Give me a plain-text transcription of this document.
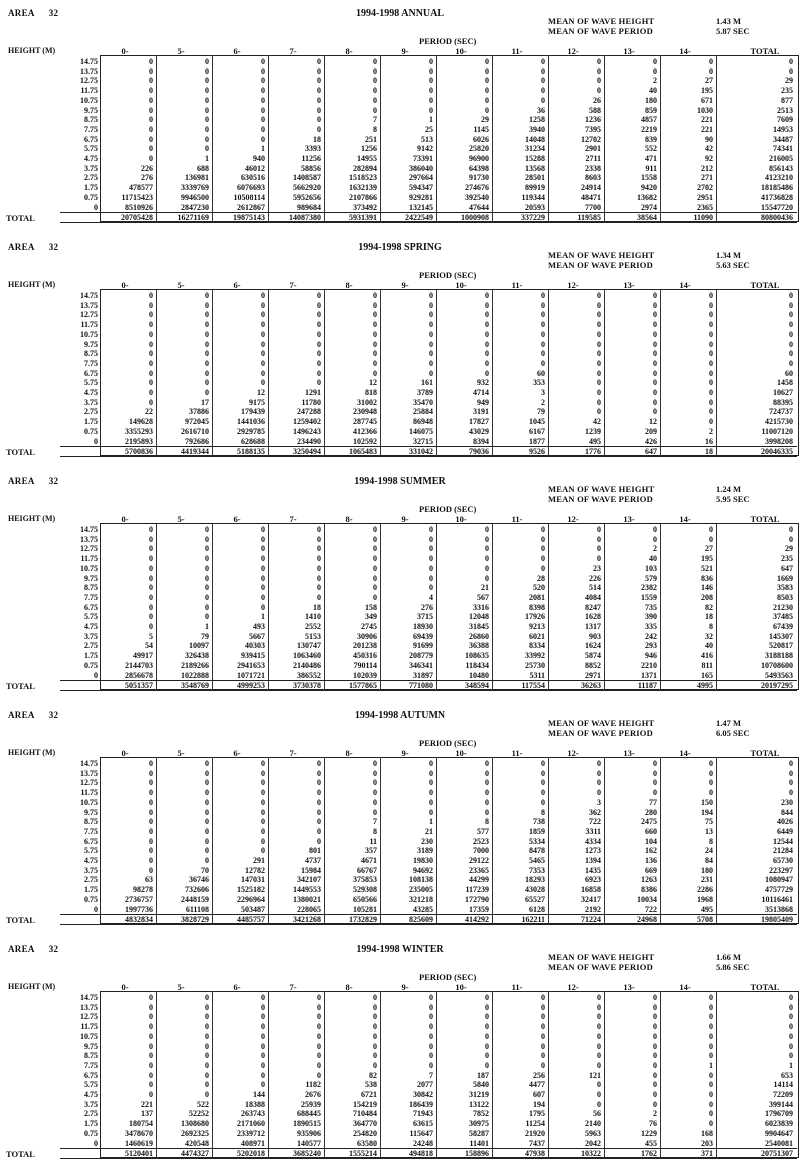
AREA 32	1994-1998 ANNUAL
MEAN OF WAVE HEIGHT
MEAN OF WAVE PERIOD
1.43 M
5.87 SEC
PERIOD (SEC)
HEIGHT (M)	0-	5-	6-	7-	8-	9-	10-	11-	12-	13-	14-	TOTAL
14.75	0	0	0	0	0	0	0	0	0	0	0	0
13.75	0	0	0	0	0	0	0	0	0	0	0	0
12.75	0	0	0	0	0	0	0	0	0	2	27	29
11.75	0	0	0	0	0	0	0	0	0	40	195	235
10.75	0	0	0	0	0	0	0	0	26	180	671	877
9.75	0	0	0	0	0	0	0	36	588	859	1030	2513
8.75	0	0	0	0	7	1	29	1258	1236	4857	221	7609
7.75	0	0	0	0	8	25	1145	3940	7395	2219	221	14953
6.75	0	0	0	18	251	513	6026	14048	12702	839	90	34487
5.75	0	0	1	3393	1256	9142	25820	31234	2901	552	42	74341
4.75	0	1	940	11256	14955	73391	96900	15288	2711	471	92	216005
3.75	226	688	46012	58856	282894	386040	64398	13568	2338	911	212	856143
2.75	276	136981	630516	1408587	1518523	297664	91730	28501	8603	1558	271	4123210
1.75	478577	3339769	6076693	5662920	1632139	594347	274676	89919	24914	9420	2702	18185486
0.75	11715423	9946500	10508114	5952656	2107866	929281	392540	119344	48471	13682	2951	41736828
0	8510926	2847230	2612867	989684	373492	132145	47644	20593	7700	2974	2365	15547720
TOTAL	20705428	16271169	19875143	14087380	5931391	2422549	1000908	337229	119585	38564	11090	80800436
AREA 32	1994-1998 SPRING
MEAN OF WAVE HEIGHT
MEAN OF WAVE PERIOD
1.34 M
5.63 SEC
PERIOD (SEC)
HEIGHT (M)	0-	5-	6-	7-	8-	9-	10-	11-	12-	13-	14-	TOTAL
14.75	0	0	0	0	0	0	0	0	0	0	0	0
13.75	0	0	0	0	0	0	0	0	0	0	0	0
12.75	0	0	0	0	0	0	0	0	0	0	0	0
11.75	0	0	0	0	0	0	0	0	0	0	0	0
10.75	0	0	0	0	0	0	0	0	0	0	0	0
9.75	0	0	0	0	0	0	0	0	0	0	0	0
8.75	0	0	0	0	0	0	0	0	0	0	0	0
7.75	0	0	0	0	0	0	0	0	0	0	0	0
6.75	0	0	0	0	0	0	0	60	0	0	0	60
5.75	0	0	0	0	12	161	932	353	0	0	0	1458
4.75	0	0	12	1291	818	3789	4714	3	0	0	0	10627
3.75	0	17	9175	11780	31002	35470	949	2	0	0	0	88395
2.75	22	37886	179439	247288	230948	25884	3191	79	0	0	0	724737
1.75	149628	972045	1441036	1259402	287745	86948	17827	1045	42	12	0	4215730
0.75	3355293	2616710	2929785	1496243	412366	146075	43029	6167	1239	209	2	11007120
0	2195893	792686	628688	234490	102592	32715	8394	1877	495	426	16	3998208
TOTAL	5700836	4419344	5188135	3250494	1065483	331042	79036	9526	1776	647	18	20046335
AREA 32	1994-1998 SUMMER
MEAN OF WAVE HEIGHT
MEAN OF WAVE PERIOD
1.24 M
5.95 SEC
PERIOD (SEC)
HEIGHT (M)	0-	5-	6-	7-	8-	9-	10-	11-	12-	13-	14-	TOTAL
14.75	0	0	0	0	0	0	0	0	0	0	0	0
13.75	0	0	0	0	0	0	0	0	0	0	0	0
12.75	0	0	0	0	0	0	0	0	0	2	27	29
11.75	0	0	0	0	0	0	0	0	0	40	195	235
10.75	0	0	0	0	0	0	0	0	23	103	521	647
9.75	0	0	0	0	0	0	0	28	226	579	836	1669
8.75	0	0	0	0	0	0	21	520	514	2382	146	3583
7.75	0	0	0	0	0	4	567	2081	4084	1559	208	8503
6.75	0	0	0	18	158	276	3316	8398	8247	735	82	21230
5.75	0	0	1	1410	349	3715	12048	17926	1628	390	18	37485
4.75	0	1	493	2552	2745	18930	31845	9213	1317	335	8	67439
3.75	5	79	5667	5153	30906	69439	26860	6021	903	242	32	145307
2.75	54	10097	40303	130747	201238	91699	36388	8334	1624	293	40	520817
1.75	49917	326438	939415	1063460	450316	208779	108635	33992	5874	946	416	3188188
0.75	2144703	2189266	2941653	2140486	790114	346341	118434	25730	8852	2210	811	10708600
0	2856678	1022888	1071721	386552	102039	31897	10480	5311	2971	1371	165	5493563
TOTAL	5051357	3548769	4999253	3730378	1577865	771080	348594	117554	36263	11187	4995	20197295
AREA 32	1994-1998 AUTUMN
MEAN OF WAVE HEIGHT
MEAN OF WAVE PERIOD
1.47 M
6.05 SEC
PERIOD (SEC)
HEIGHT (M)	0-	5-	6-	7-	8-	9-	10-	11-	12-	13-	14-	TOTAL
14.75	0	0	0	0	0	0	0	0	0	0	0	0
13.75	0	0	0	0	0	0	0	0	0	0	0	0
12.75	0	0	0	0	0	0	0	0	0	0	0	0
11.75	0	0	0	0	0	0	0	0	0	0	0	0
10.75	0	0	0	0	0	0	0	0	3	77	150	230
9.75	0	0	0	0	0	0	0	8	362	280	194	844
8.75	0	0	0	0	7	1	8	738	722	2475	75	4026
7.75	0	0	0	0	8	21	577	1859	3311	660	13	6449
6.75	0	0	0	0	11	230	2523	5334	4334	104	8	12544
5.75	0	0	0	801	357	3189	7000	8478	1273	162	24	21284
4.75	0	0	291	4737	4671	19830	29122	5465	1394	136	84	65730
3.75	0	70	12782	15984	66767	94692	23365	7353	1435	669	180	223297
2.75	63	36746	147031	342107	375853	108138	44299	18293	6923	1263	231	1080947
1.75	98278	732606	1525182	1449553	529308	235005	117239	43028	16858	8386	2286	4757729
0.75	2736757	2448159	2296964	1380021	650566	321218	172790	65527	32417	10034	1968	10116461
0	1997736	611108	503487	228065	105281	43285	17359	6128	2192	722	495	3513868
TOTAL	4832834	3828729	4485757	3421268	1732829	825609	414292	162211	71224	24968	5708	19805409
AREA 32	1994-1998 WINTER
MEAN OF WAVE HEIGHT
MEAN OF WAVE PERIOD
1.66 M
5.86 SEC
PERIOD (SEC)
HEIGHT (M)	0-	5-	6-	7-	8-	9-	10-	11-	12-	13-	14-	TOTAL
14.75	0	0	0	0	0	0	0	0	0	0	0	0
13.75	0	0	0	0	0	0	0	0	0	0	0	0
12.75	0	0	0	0	0	0	0	0	0	0	0	0
11.75	0	0	0	0	0	0	0	0	0	0	0	0
10.75	0	0	0	0	0	0	0	0	0	0	0	0
9.75	0	0	0	0	0	0	0	0	0	0	0	0
8.75	0	0	0	0	0	0	0	0	0	0	0	0
7.75	0	0	0	0	0	0	0	0	0	0	1	1
6.75	0	0	0	0	82	7	187	256	121	0	0	653
5.75	0	0	0	1182	538	2077	5840	4477	0	0	0	14114
4.75	0	0	144	2676	6721	30842	31219	607	0	0	0	72209
3.75	221	522	18388	25939	154219	186439	13122	194	0	0	0	399144
2.75	137	52252	263743	688445	710484	71943	7852	1795	56	2	0	1796709
1.75	180754	1308680	2171060	1890515	364770	63615	30975	11254	2140	76	0	6023839
0.75	3478670	2692325	2339712	935906	254820	115647	58287	21920	5963	1229	168	9904647
0	1460619	420548	408971	140577	63580	24248	11401	7437	2042	455	203	2540081
TOTAL	5120401	4474327	5202018	3685240	1555214	494818	158896	47938	10322	1762	371	20751307
